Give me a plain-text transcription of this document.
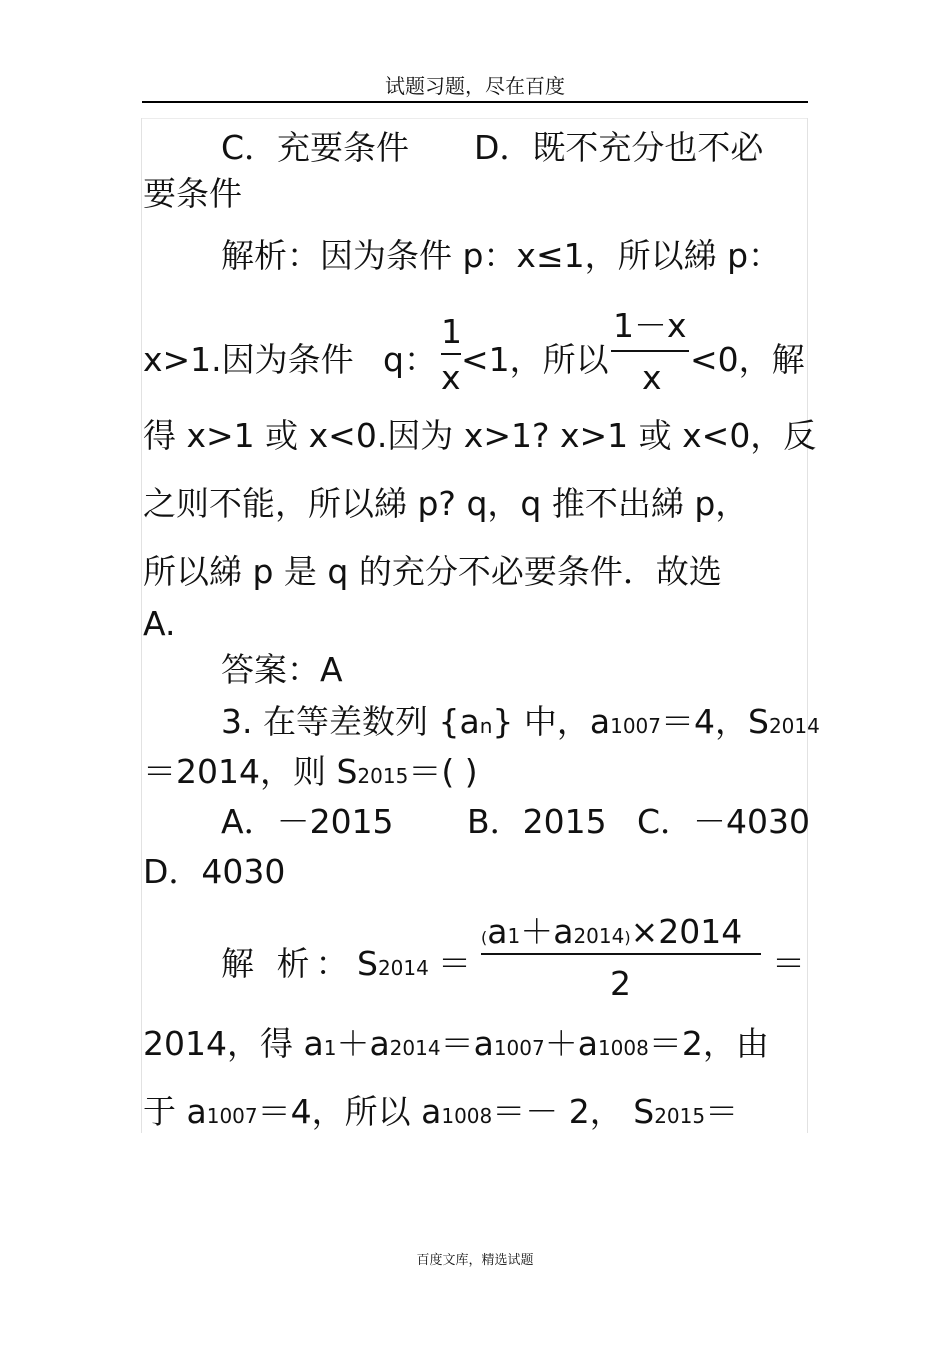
试题习题，尽在百度
C．充要条件 D．既不充分也不必
要条件
解析：因为条件 p：x≤1，所以綈 p：
x>1.因为条件 q：
1
x <1，所以
1－x
x <0，解
得 x>1 或 x<0.因为 x>1? x>1 或 x<0，反
之则不能，所以綈 p? q，q 推不出綈 p，
所以綈 p 是 q 的充分不必要条件．故选
A.
答案：A
3. 在等差数列 {an} 中，a1007＝4，S2014
＝2014，则 S2015＝( )
A．－2015 B．2015 C．－4030
D．4030
解 析： S2014 ＝
(a1＋a2014)×2014
2
＝
2014，得 a1＋a2014＝a1007＋a1008＝2，由
于 a1007＝4，所以 a1008＝－ 2， S2015＝
百度文库，精选试题
